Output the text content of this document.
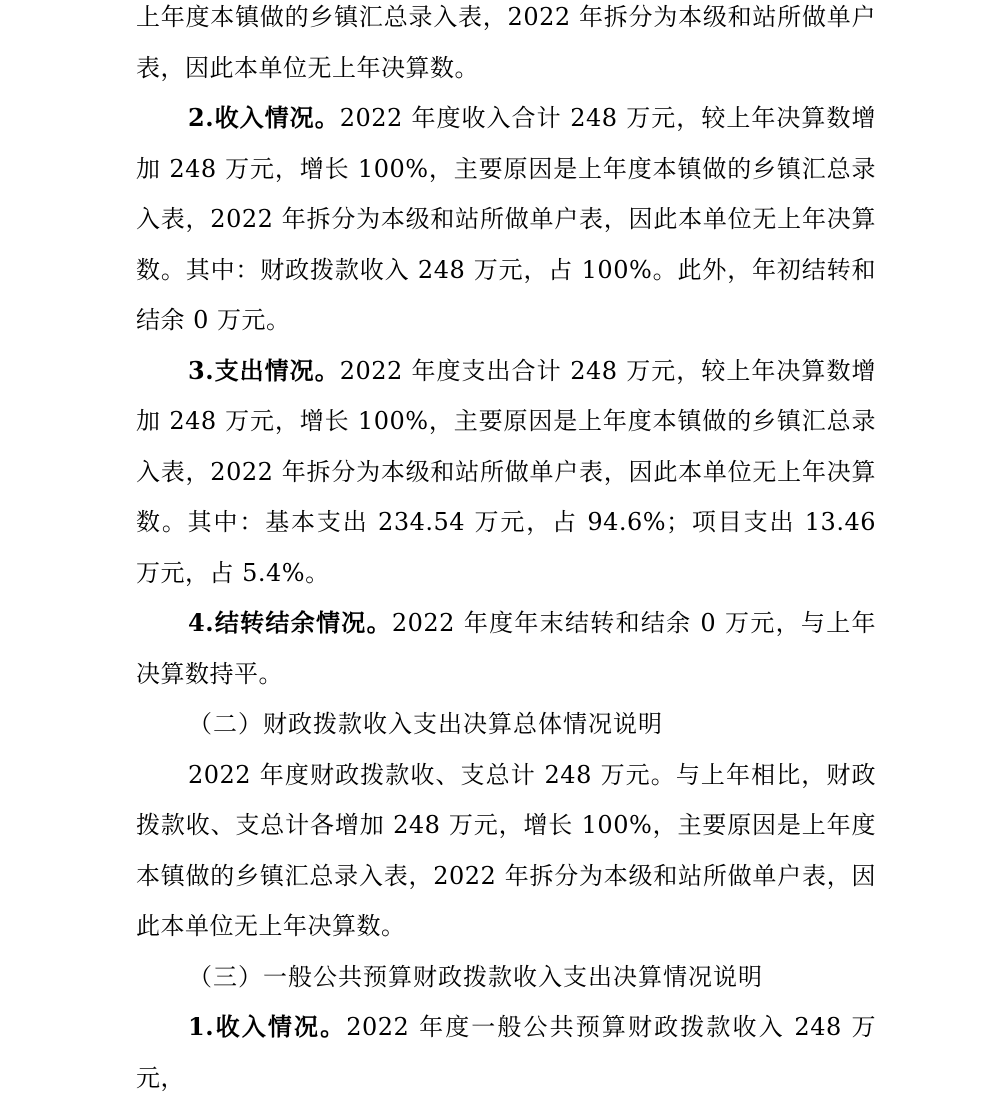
上年度本镇做的乡镇汇总录入表，2022 年拆分为本级和站所做单户表，因此本单位无上年决算数。

2.收入情况。2022 年度收入合计 248 万元，较上年决算数增加 248 万元，增长 100%，主要原因是上年度本镇做的乡镇汇总录入表，2022 年拆分为本级和站所做单户表，因此本单位无上年决算数。其中：财政拨款收入 248 万元，占 100%。此外，年初结转和结余 0 万元。

3.支出情况。2022 年度支出合计 248 万元，较上年决算数增加 248 万元，增长 100%，主要原因是上年度本镇做的乡镇汇总录入表，2022 年拆分为本级和站所做单户表，因此本单位无上年决算数。其中：基本支出 234.54 万元，占 94.6%；项目支出 13.46 万元，占 5.4%。

4.结转结余情况。2022 年度年末结转和结余 0 万元，与上年决算数持平。

（二）财政拨款收入支出决算总体情况说明

2022 年度财政拨款收、支总计 248 万元。与上年相比，财政拨款收、支总计各增加 248 万元，增长 100%，主要原因是上年度本镇做的乡镇汇总录入表，2022 年拆分为本级和站所做单户表，因此本单位无上年决算数。

（三）一般公共预算财政拨款收入支出决算情况说明

1.收入情况。2022 年度一般公共预算财政拨款收入 248 万元，
